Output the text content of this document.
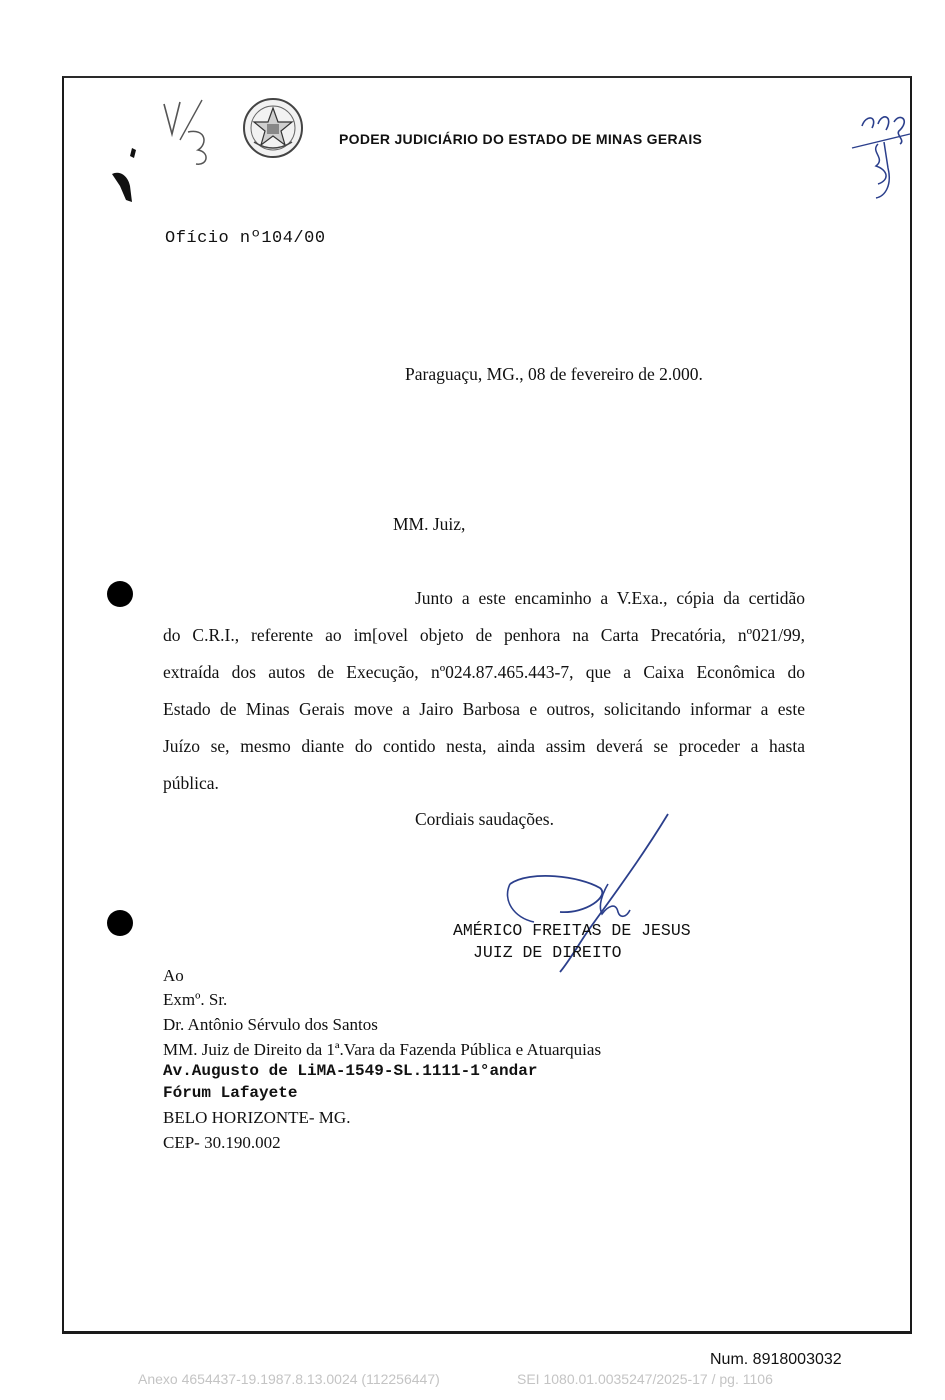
PODER JUDICIÁRIO DO ESTADO DE MINAS GERAIS
Ofício nº104/00
Paraguaçu, MG., 08 de fevereiro de 2.000.
MM. Juiz,
Junto a este encaminho a V.Exa., cópia da certidão
do C.R.I., referente ao im[ovel objeto de penhora na Carta Precatória, nº021/99,
extraída dos autos de Execução, nº024.87.465.443-7, que a Caixa Econômica do
Estado de Minas Gerais move a Jairo Barbosa e outros, solicitando informar a este
Juízo se, mesmo diante do contido nesta, ainda assim deverá se proceder a hasta
pública.
Cordiais saudações.
AMÉRICO FREITAS DE JESUS
JUIZ DE DIREITO
Ao
Exmº. Sr.
Dr. Antônio Sérvulo dos Santos
MM. Juiz de Direito da 1ª.Vara da Fazenda Pública e Atuarquias
Av.Augusto de LiMA-1549-SL.1111-1°andar
Fórum Lafayete
BELO HORIZONTE- MG.
CEP- 30.190.002
Num. 8918003032
Anexo 4654437-19.1987.8.13.0024 (112256447)	SEI 1080.01.0035247/2025-17 / pg. 1106
